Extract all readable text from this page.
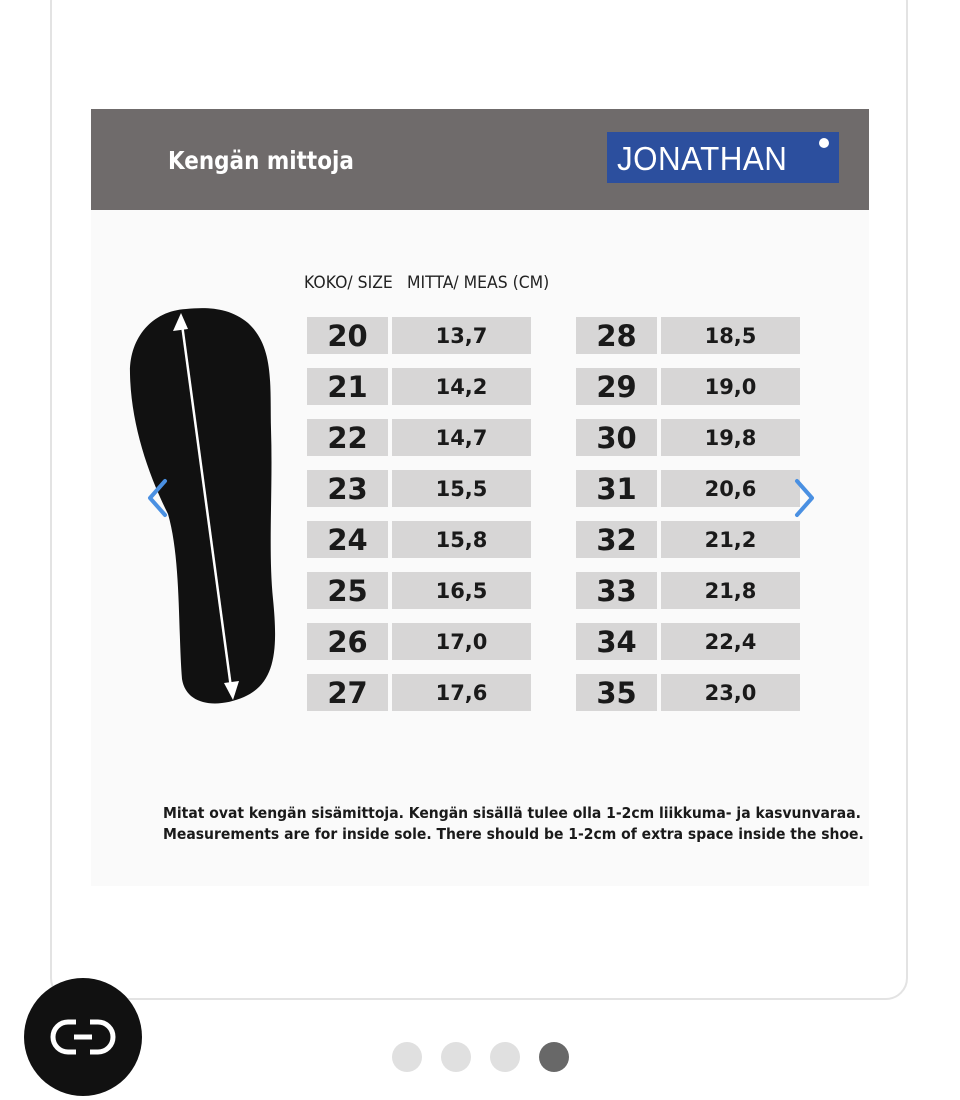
Kengän mittoja	JONATHAN
KOKO/ SIZE MITTA/ MEAS (CM)
20	13,7
21	14,2
22	14,7
23	15,5
24	15,8
25	16,5
26	17,0
27	17,6
28	18,5
29	19,0
30	19,8
31	20,6
32	21,2
33	21,8
34	22,4
35	23,0
Mitat ovat kengän sisämittoja. Kengän sisällä tulee olla 1-2cm liikkuma- ja kasvunvaraa.
Measurements are for inside sole. There should be 1-2cm of extra space inside the shoe.
